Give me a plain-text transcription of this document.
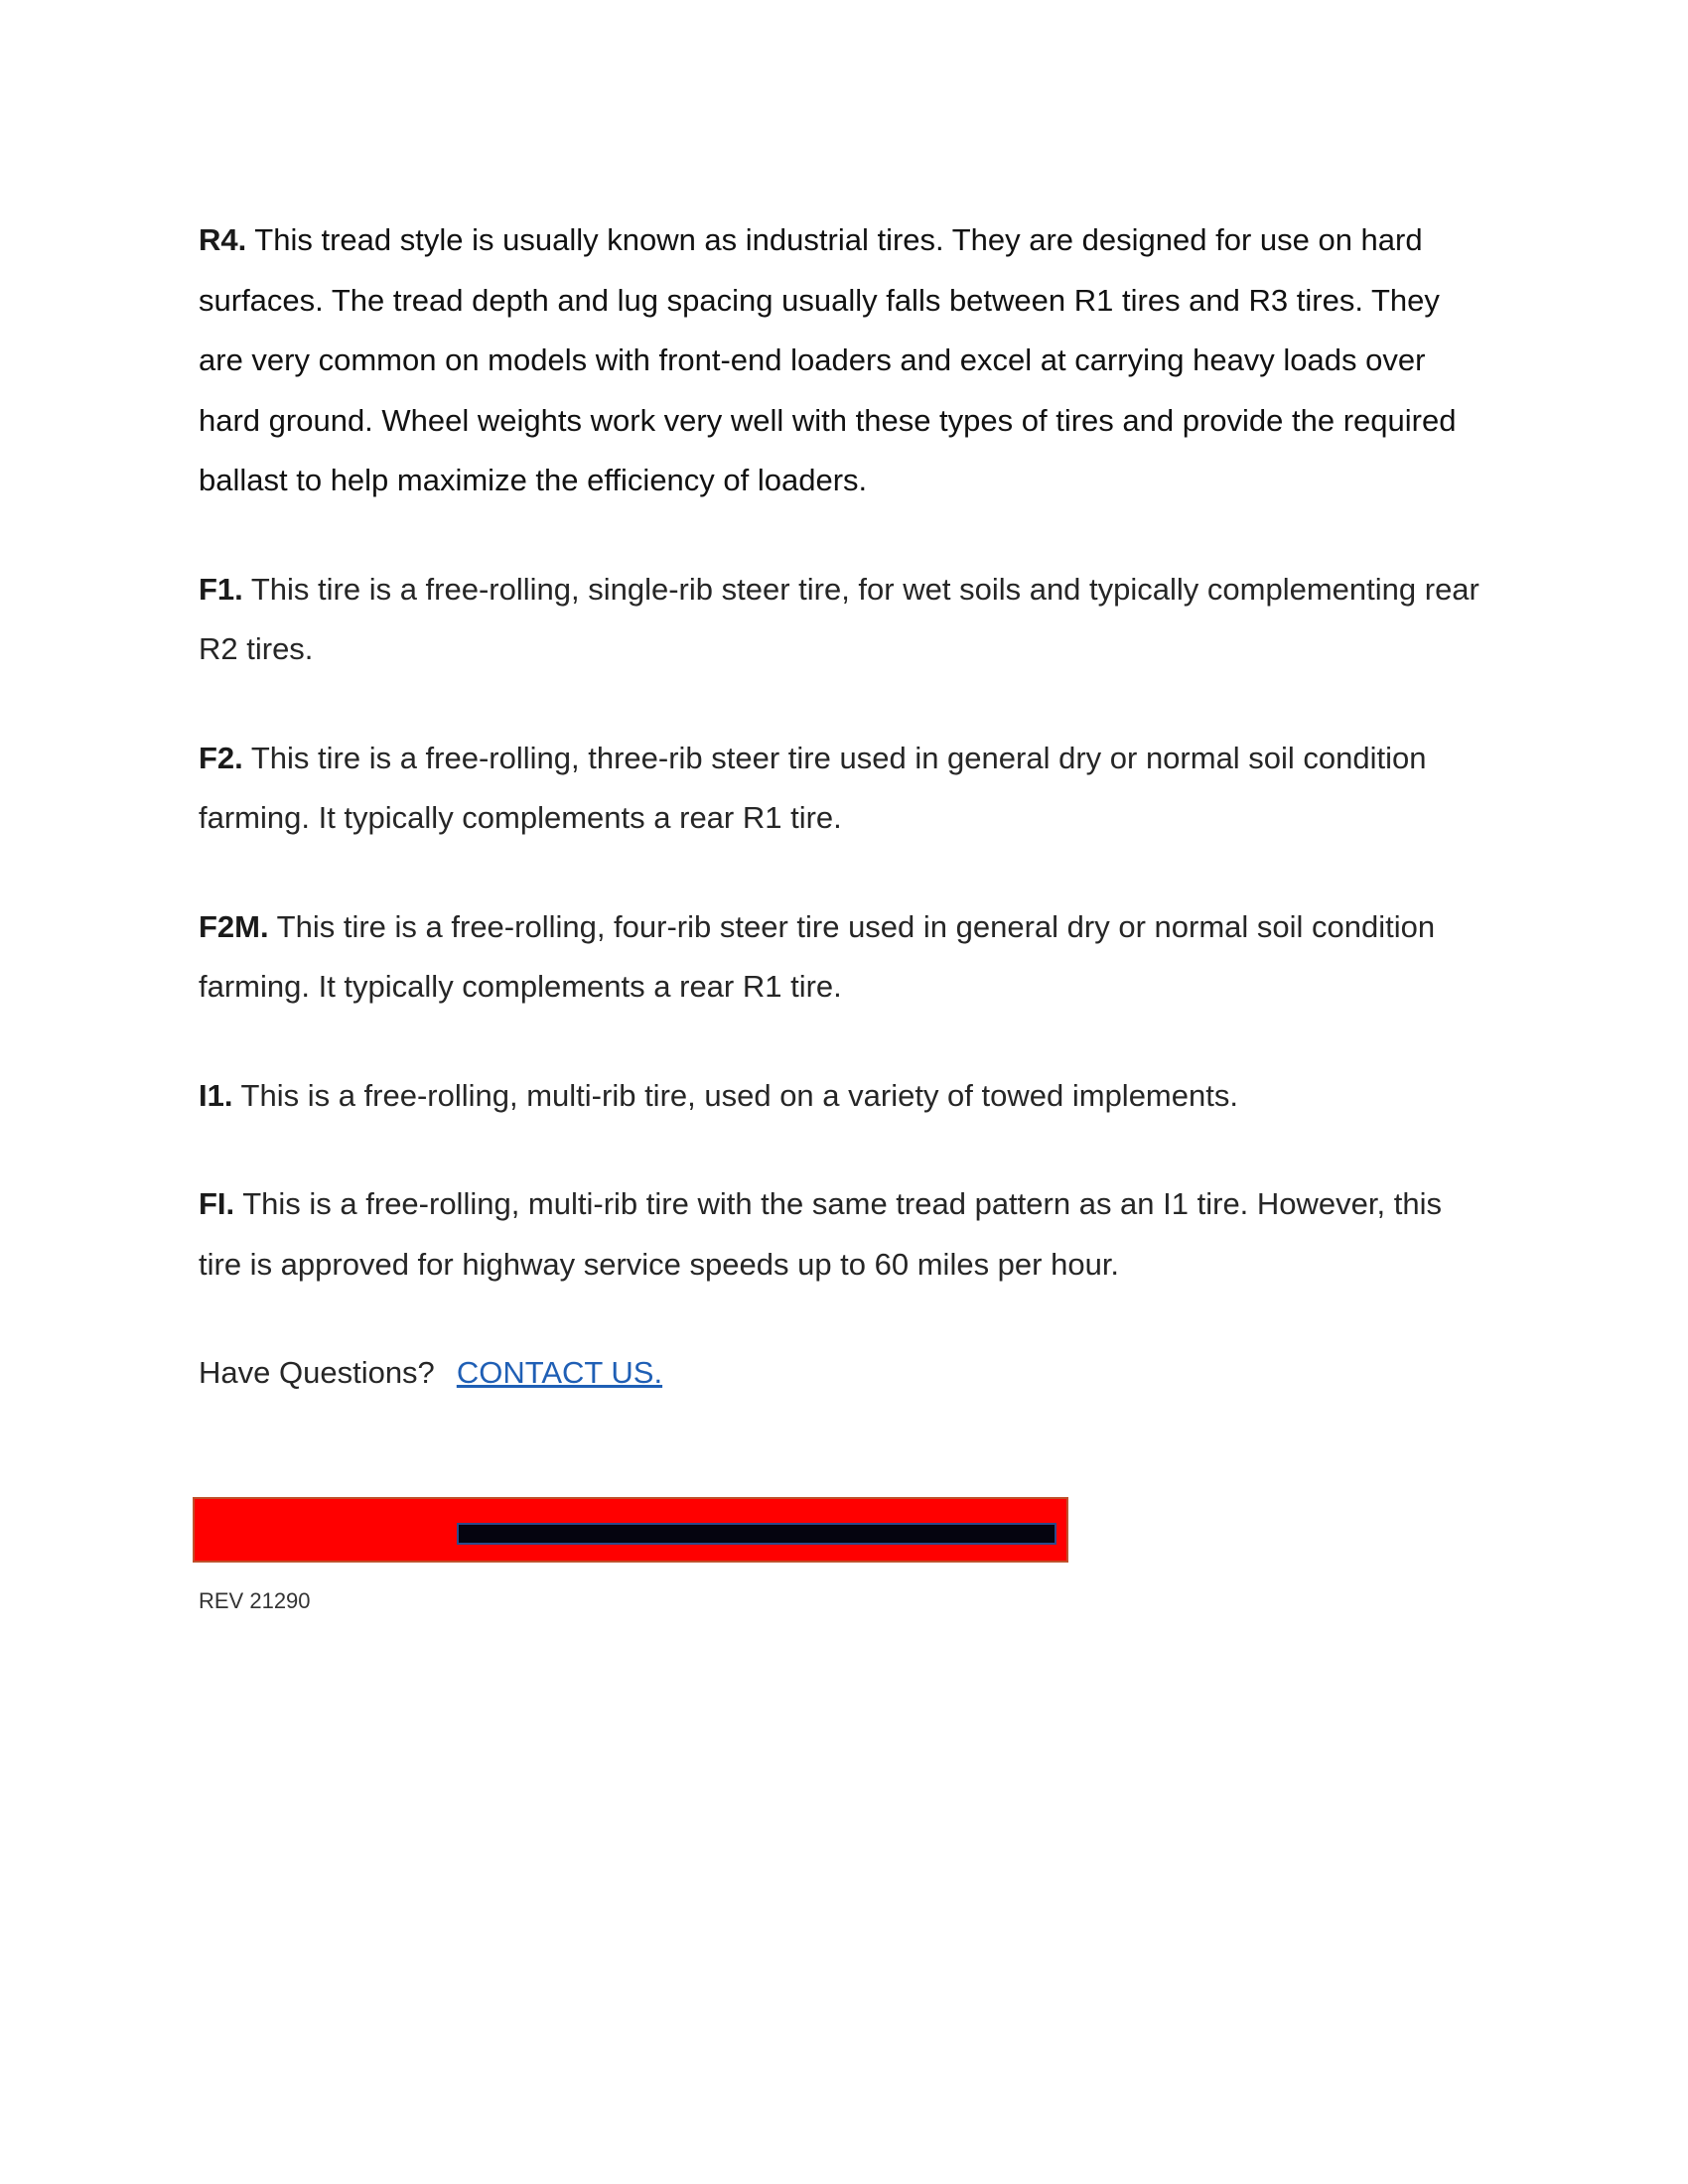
R4. This tread style is usually known as industrial tires. They are designed for use on hard surfaces. The tread depth and lug spacing usually falls between R1 tires and R3 tires. They are very common on models with front-end loaders and excel at carrying heavy loads over hard ground. Wheel weights work very well with these types of tires and provide the required ballast to help maximize the efficiency of loaders.

F1. This tire is a free-rolling, single-rib steer tire, for wet soils and typically complementing rear R2 tires.

F2. This tire is a free-rolling, three-rib steer tire used in general dry or normal soil condition farming. It typically complements a rear R1 tire.

F2M. This tire is a free-rolling, four-rib steer tire used in general dry or normal soil condition farming. It typically complements a rear R1 tire.

I1. This is a free-rolling, multi-rib tire, used on a variety of towed implements.

FI. This is a free-rolling, multi-rib tire with the same tread pattern as an I1 tire. However, this tire is approved for highway service speeds up to 60 miles per hour.

Have Questions? CONTACT US.

REV 21290
